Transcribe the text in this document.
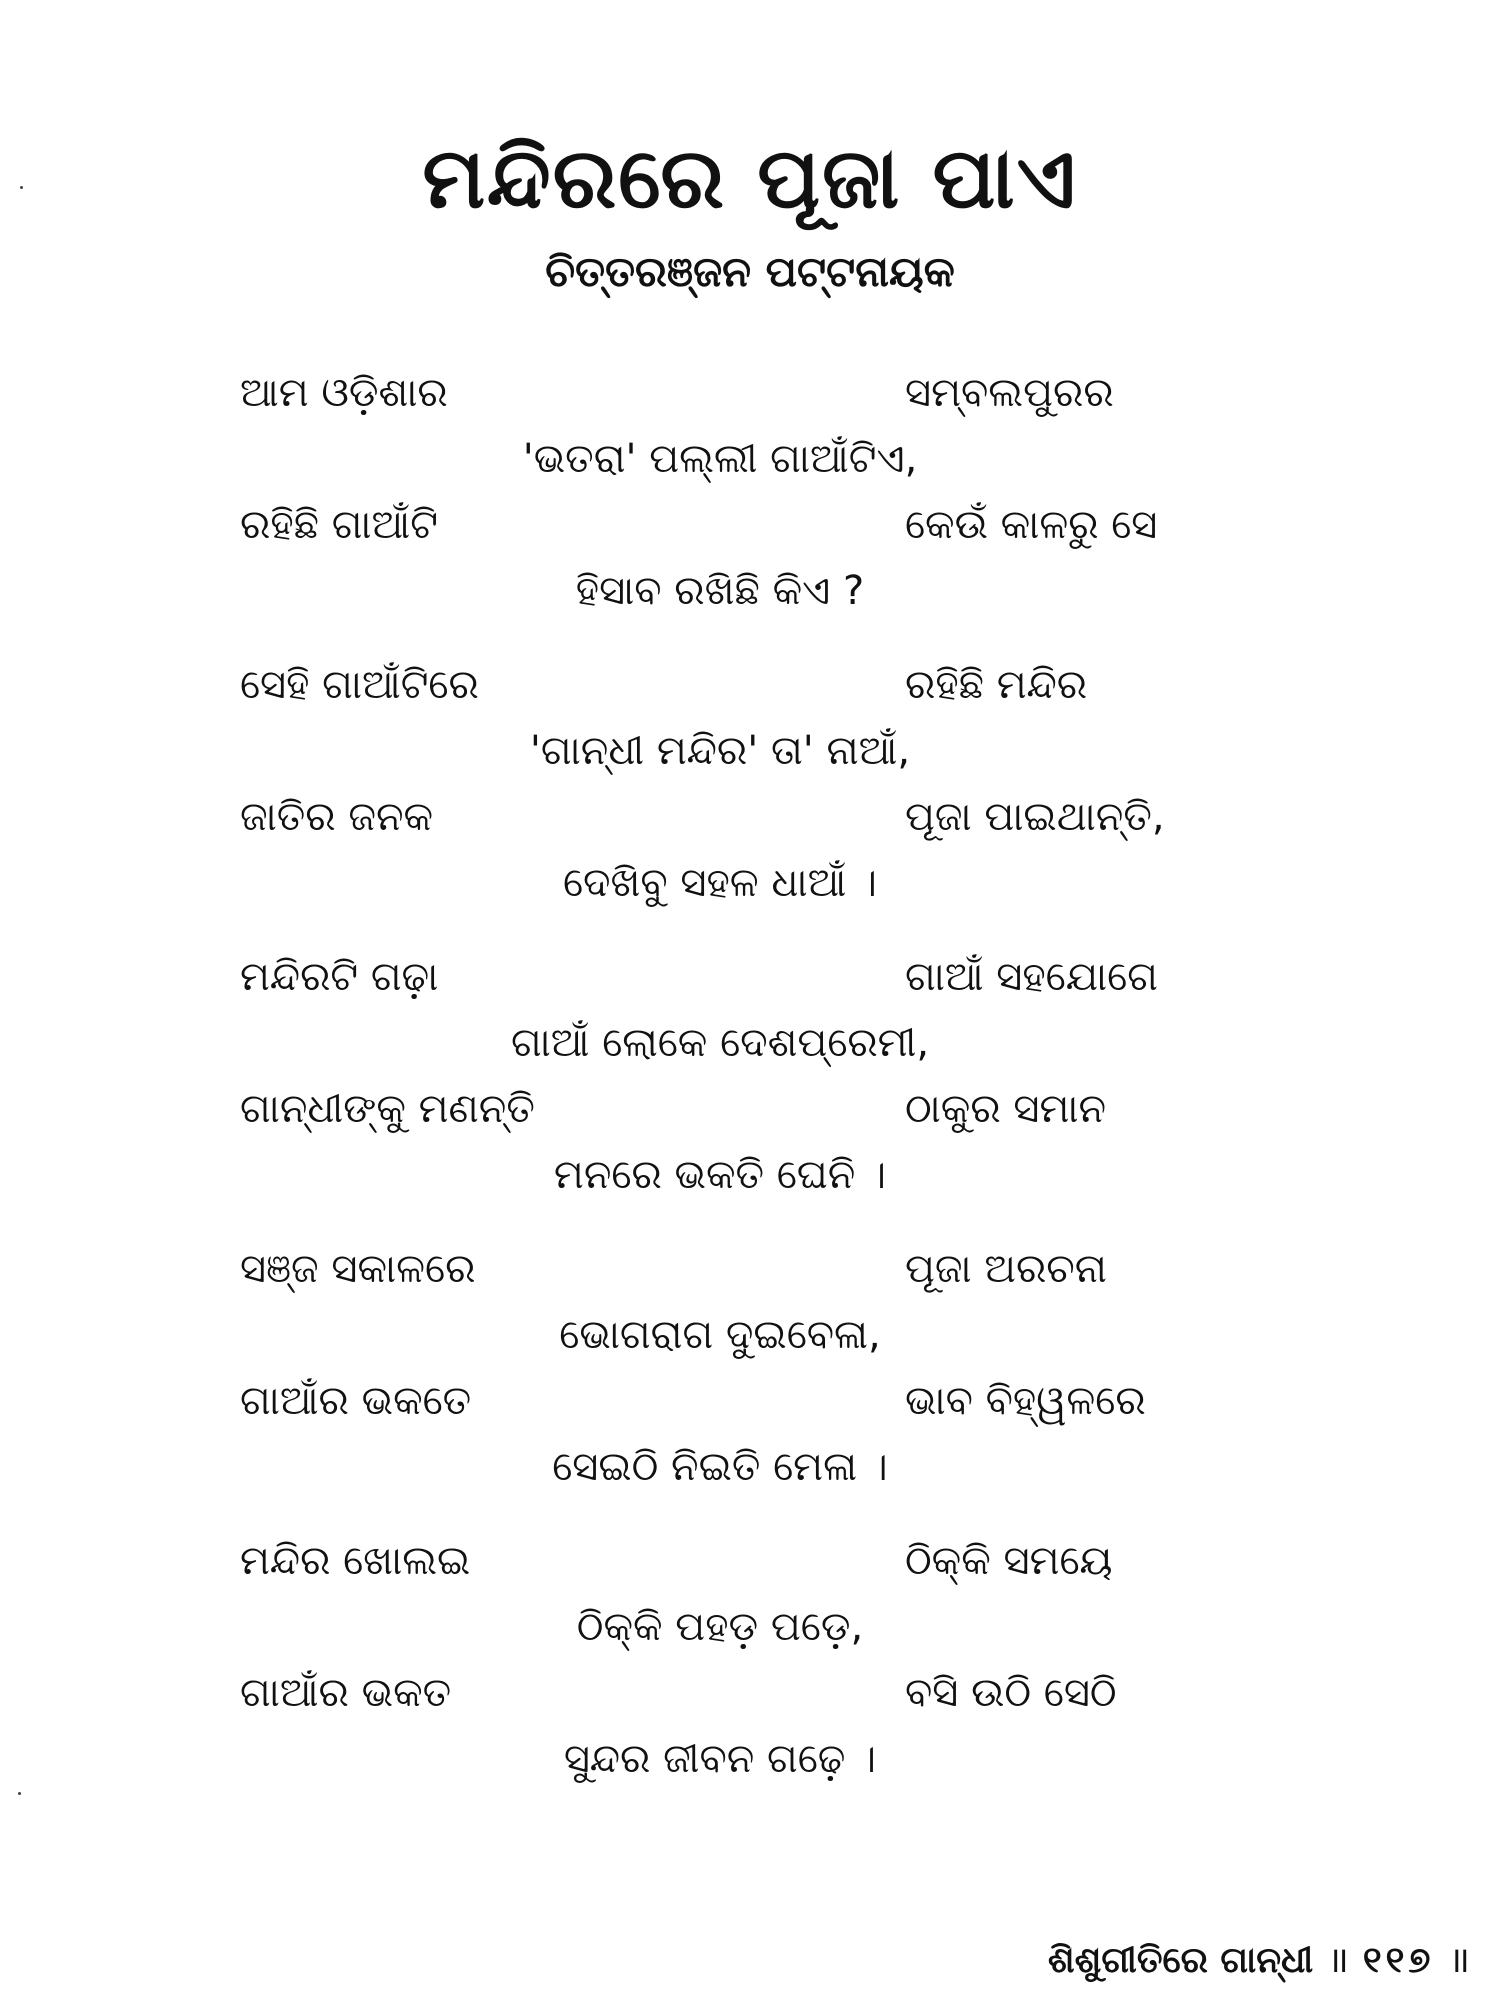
ମନ୍ଦିରରେ ପୂଜା ପାଏ
ଚିତ୍ତରଞ୍ଜନ ପଟ୍ଟନାୟକ
ଆମ ଓଡ଼ିଶାର	ସମ୍ବଲପୁରର
'ଭତରା' ପଲ୍ଲୀ ଗାଆଁଟିଏ,
ରହିଛି ଗାଆଁଟି	କେଉଁ କାଳରୁ ସେ
ହିସାବ ରଖିଛି କିଏ ?
ସେହି ଗାଆଁଟିରେ	ରହିଛି ମନ୍ଦିର
'ଗାନ୍ଧୀ ମନ୍ଦିର' ତା' ନାଆଁ,
ଜାତିର ଜନକ	ପୂଜା ପାଇଥାନ୍ତି,
ଦେଖିବୁ ସହଳ ଧାଆଁ ।
ମନ୍ଦିରଟି ଗଢ଼ା	ଗାଆଁ ସହଯୋଗେ
ଗାଆଁ ଲୋକେ ଦେଶପ୍ରେମୀ,
ଗାନ୍ଧୀଙ୍କୁ ମଣନ୍ତି	ଠାକୁର ସମାନ
ମନରେ ଭକତି ଘେନି ।
ସଞ୍ଜ ସକାଳରେ	ପୂଜା ଅରଚନା
ଭୋଗରାଗ ଦୁଇବେଳା,
ଗାଆଁର ଭକତେ	ଭାବ ବିହ୍ୱଳରେ
ସେଇଠି ନିଇତି ମେଳା ।
ମନ୍ଦିର ଖୋଲଇ	ଠିକ୍‌କି ସମୟେ
ଠିକ୍‌କି ପହଡ଼ ପଡ଼େ,
ଗାଆଁର ଭକତ	ବସି ଉଠି ସେଠି
ସୁନ୍ଦର ଜୀବନ ଗଢ଼େ ।
ଶିଶୁଗୀତିରେ ଗାନ୍ଧୀ ॥ ୧୧୭ ॥
